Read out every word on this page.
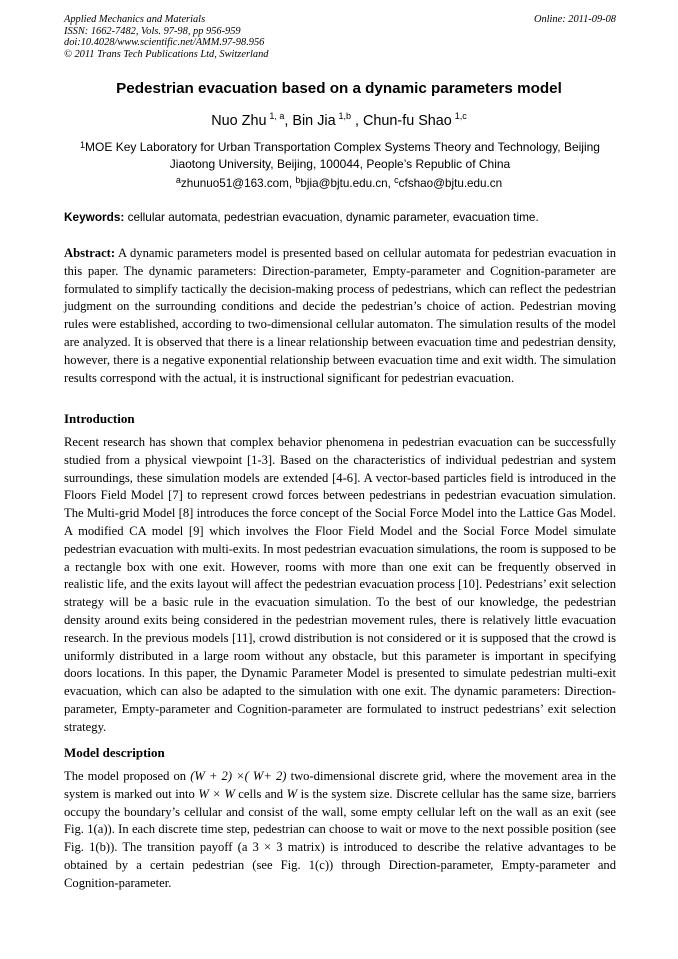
Applied Mechanics and Materials
ISSN: 1662-7482, Vols. 97-98, pp 956-959
doi:10.4028/www.scientific.net/AMM.97-98.956
© 2011 Trans Tech Publications Ltd, Switzerland
Online: 2011-09-08
Pedestrian evacuation based on a dynamic parameters model
Nuo Zhu  $^{1, a}$, Bin Jia  $^{1,b}$ , Chun-fu Shao  $^{1,c}$
$^1$MOE Key Laboratory for Urban Transportation Complex Systems Theory and Technology, Beijing Jiaotong University, Beijing, 100044, People’s Republic of China
$^a$zhunuo51@163.com, $^b$bjia@bjtu.edu.cn, $^c$cfshao@bjtu.edu.cn
Keywords: cellular automata, pedestrian evacuation, dynamic parameter, evacuation time.
Abstract: A dynamic parameters model is presented based on cellular automata for pedestrian evacuation in this paper. The dynamic parameters: Direction-parameter, Empty-parameter and Cognition-parameter are formulated to simplify tactically the decision-making process of pedestrians, which can reflect the pedestrian judgment on the surrounding conditions and decide the pedestrian’s choice of action. Pedestrian moving rules were established, according to two-dimensional cellular automaton. The simulation results of the model are analyzed. It is observed that there is a linear relationship between evacuation time and pedestrian density, however, there is a negative exponential relationship between evacuation time and exit width. The simulation results correspond with the actual, it is instructional significant for pedestrian evacuation.
Introduction
Recent research has shown that complex behavior phenomena in pedestrian evacuation can be successfully studied from a physical viewpoint [1-3]. Based on the characteristics of individual pedestrian and system surroundings, these simulation models are extended [4-6]. A vector-based particles field is introduced in the Floors Field Model [7] to represent crowd forces between pedestrians in pedestrian evacuation simulation. The Multi-grid Model [8] introduces the force concept of the Social Force Model into the Lattice Gas Model. A modified CA model [9] which involves the Floor Field Model and the Social Force Model simulate pedestrian evacuation with multi-exits. In most pedestrian evacuation simulations, the room is supposed to be a rectangle box with one exit. However, rooms with more than one exit can be frequently observed in realistic life, and the exits layout will affect the pedestrian evacuation process [10]. Pedestrians’ exit selection strategy will be a basic rule in the evacuation simulation. To the best of our knowledge, the pedestrian density around exits being considered in the pedestrian movement rules, there is relatively little evacuation research. In the previous models [11], crowd distribution is not considered or it is supposed that the crowd is uniformly distributed in a large room without any obstacle, but this parameter is important in specifying doors locations. In this paper, the Dynamic Parameter Model is presented to simulate pedestrian multi-exit evacuation, which can also be adapted to the simulation with one exit. The dynamic parameters: Direction-parameter, Empty-parameter and Cognition-parameter are formulated to instruct pedestrians’ exit selection strategy.
Model description
The model proposed on (W + 2) ×( W+ 2) two-dimensional discrete grid, where the movement area in the system is marked out into W × W cells and W is the system size. Discrete cellular has the same size, barriers occupy the boundary’s cellular and consist of the wall, some empty cellular left on the wall as an exit (see Fig. 1(a)). In each discrete time step, pedestrian can choose to wait or move to the next possible position (see Fig. 1(b)). The transition payoff (a 3 × 3 matrix) is introduced to describe the relative advantages to be obtained by a certain pedestrian (see Fig. 1(c)) through Direction-parameter, Empty-parameter and Cognition-parameter.
